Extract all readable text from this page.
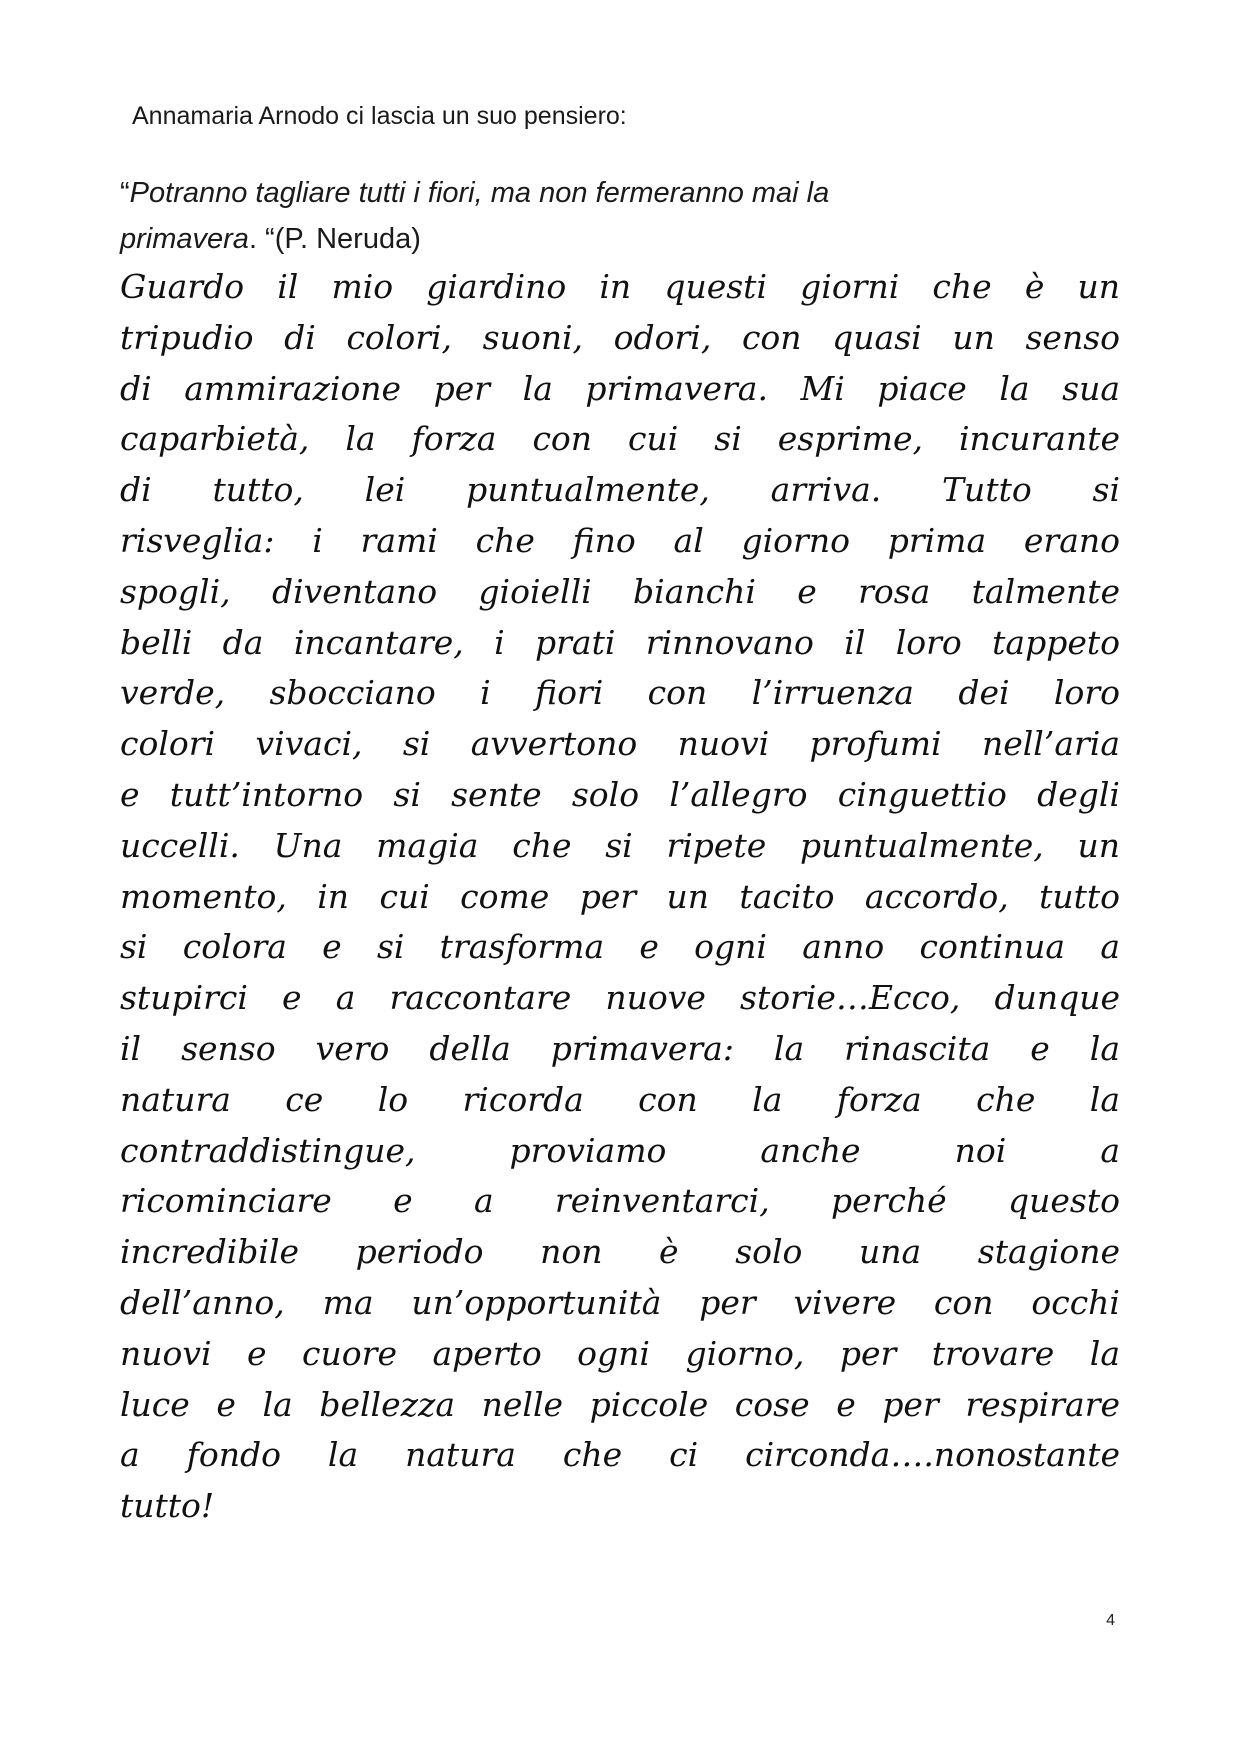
Annamaria Arnodo ci lascia un suo pensiero:
“Potranno tagliare tutti i fiori, ma non fermeranno mai la
primavera. “(P. Neruda)
Guardo il mio giardino in questi giorni che è un
tripudio di colori, suoni, odori, con quasi un senso
di ammirazione per la primavera. Mi piace la sua
caparbietà, la forza con cui si esprime, incurante
di tutto, lei puntualmente, arriva. Tutto si
risveglia: i rami che fino al giorno prima erano
spogli, diventano gioielli bianchi e rosa talmente
belli da incantare, i prati rinnovano il loro tappeto
verde, sbocciano i fiori con l’irruenza dei loro
colori vivaci, si avvertono nuovi profumi nell’aria
e tutt’intorno si sente solo l’allegro cinguettio degli
uccelli. Una magia che si ripete puntualmente, un
momento, in cui come per un tacito accordo, tutto
si colora e si trasforma e ogni anno continua a
stupirci e a raccontare nuove storie…Ecco, dunque
il senso vero della primavera: la rinascita e la
natura ce lo ricorda con la forza che la
contraddistingue, proviamo anche noi a
ricominciare e a reinventarci, perché questo
incredibile periodo non è solo una stagione
dell’anno, ma un’opportunità per vivere con occhi
nuovi e cuore aperto ogni giorno, per trovare la
luce e la bellezza nelle piccole cose e per respirare
a fondo la natura che ci circonda….nonostante
tutto!
4
